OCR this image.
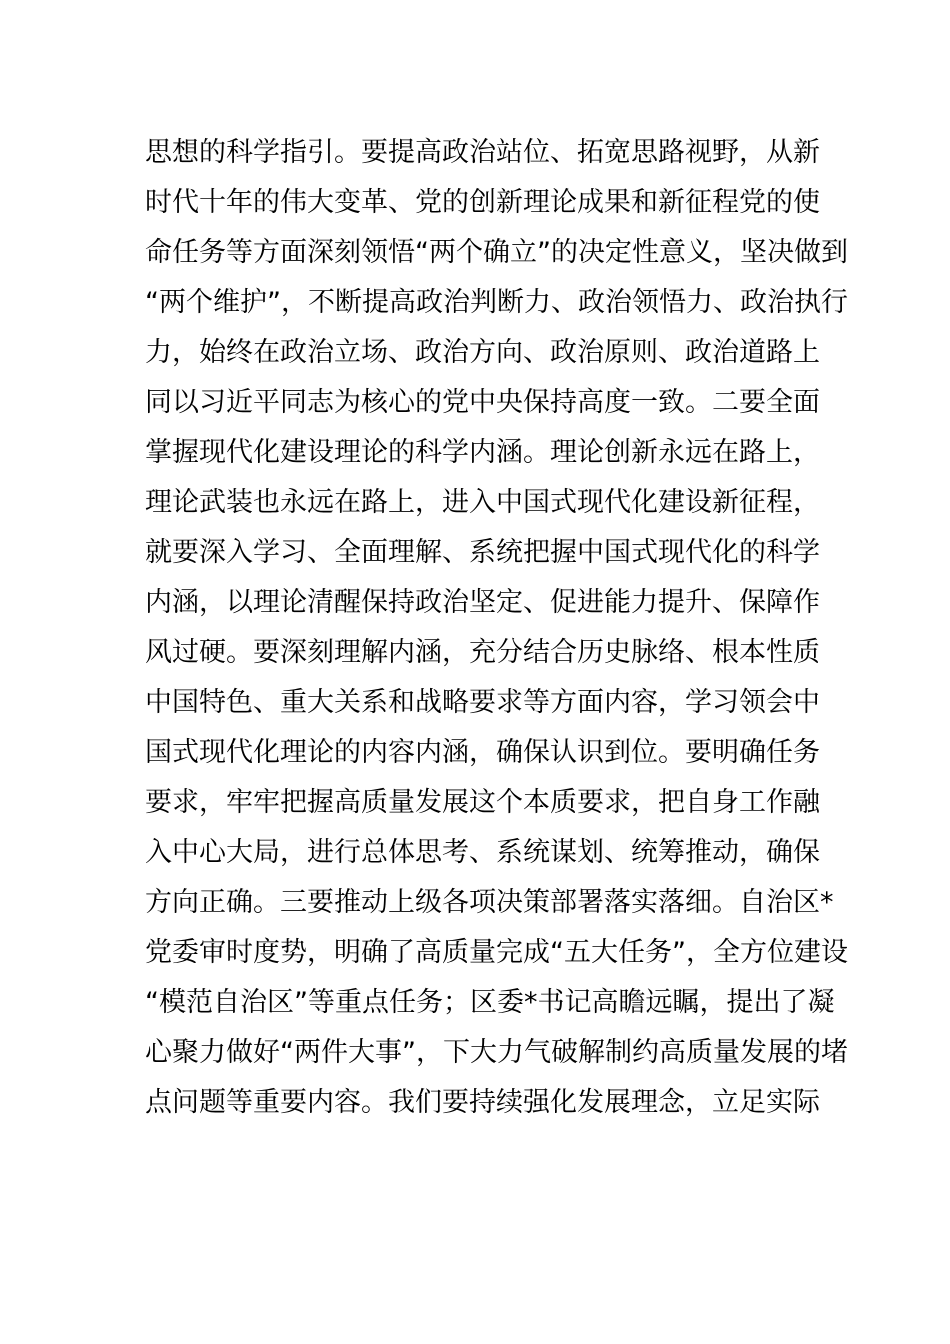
思想的科学指引。要提高政治站位、拓宽思路视野，从新
时代十年的伟大变革、党的创新理论成果和新征程党的使
命任务等方面深刻领悟“两个确立”的决定性意义，坚决做到
“两个维护”，不断提高政治判断力、政治领悟力、政治执行
力，始终在政治立场、政治方向、政治原则、政治道路上
同以习近平同志为核心的党中央保持高度一致。二要全面
掌握现代化建设理论的科学内涵。理论创新永远在路上，
理论武装也永远在路上，进入中国式现代化建设新征程，
就要深入学习、全面理解、系统把握中国式现代化的科学
内涵，以理论清醒保持政治坚定、促进能力提升、保障作
风过硬。要深刻理解内涵，充分结合历史脉络、根本性质
中国特色、重大关系和战略要求等方面内容，学习领会中
国式现代化理论的内容内涵，确保认识到位。要明确任务
要求，牢牢把握高质量发展这个本质要求，把自身工作融
入中心大局，进行总体思考、系统谋划、统筹推动，确保
方向正确。三要推动上级各项决策部署落实落细。自治区*
党委审时度势，明确了高质量完成“五大任务”，全方位建设
“模范自治区”等重点任务；区委*书记高瞻远瞩，提出了凝
心聚力做好“两件大事”，下大力气破解制约高质量发展的堵
点问题等重要内容。我们要持续强化发展理念，立足实际
